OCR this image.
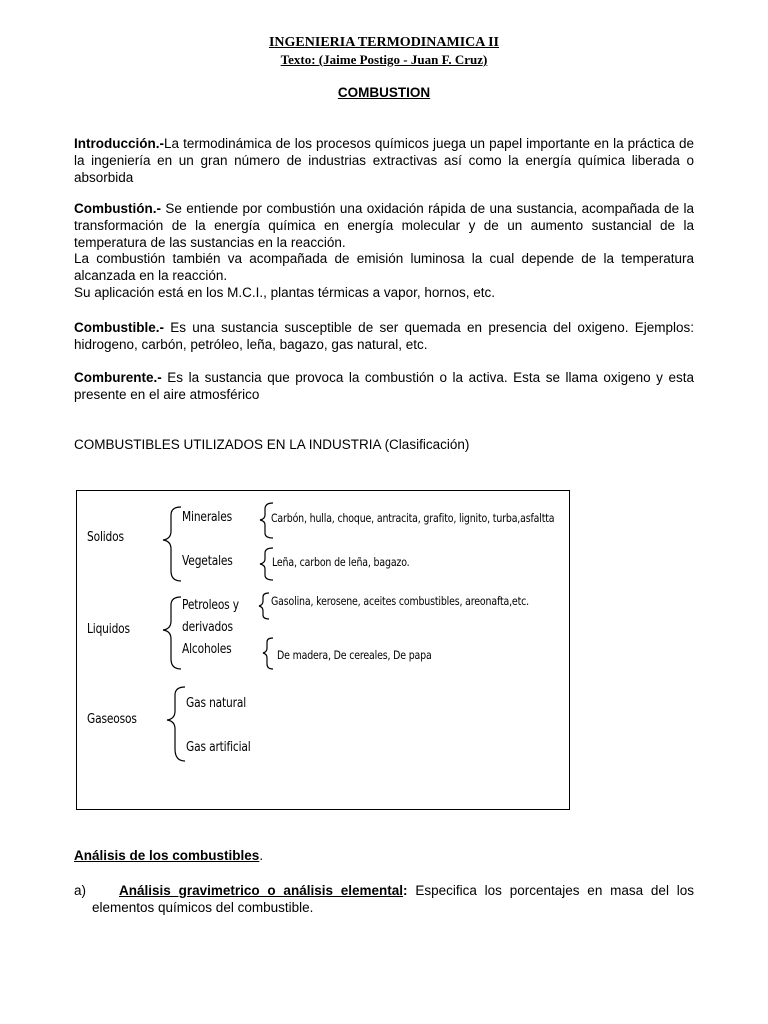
INGENIERIA TERMODINAMICA II
Texto: (Jaime Postigo - Juan F. Cruz)
COMBUSTION
Introducción.-La termodinámica de los procesos químicos juega un papel importante en la práctica de la ingeniería en un gran número de industrias extractivas así como la energía química liberada o absorbida
Combustión.- Se entiende por combustión una oxidación rápida de una sustancia, acompañada de la transformación de la energía química en energía molecular y de un aumento sustancial de la temperatura de las sustancias en la reacción.
La combustión también va acompañada de emisión luminosa la cual depende de la temperatura alcanzada en la reacción.
Su aplicación está en los M.C.I., plantas térmicas a vapor, hornos, etc.
Combustible.- Es una sustancia susceptible de ser quemada en presencia del oxigeno. Ejemplos: hidrogeno, carbón, petróleo, leña, bagazo, gas natural, etc.
Comburente.- Es la sustancia que provoca la combustión o la activa. Esta se llama oxigeno y esta presente en el aire atmosférico
COMBUSTIBLES UTILIZADOS EN LA INDUSTRIA (Clasificación)
Solidos
Minerales	Carbón, hulla, choque, antracita, grafito, lignito, turba,asfaltta
Vegetales	Leña, carbon de leña, bagazo.
Liquidos
Petroleos y
derivados
Gasolina, kerosene, aceites combustibles, areonafta,etc.
Alcoholes	De madera, De cereales, De papa
Gaseosos
Gas natural
Gas artificial
Análisis de los combustibles.
a)	Análisis gravimetrico o análisis elemental: Especifica los porcentajes en masa del los elementos químicos del combustible.
